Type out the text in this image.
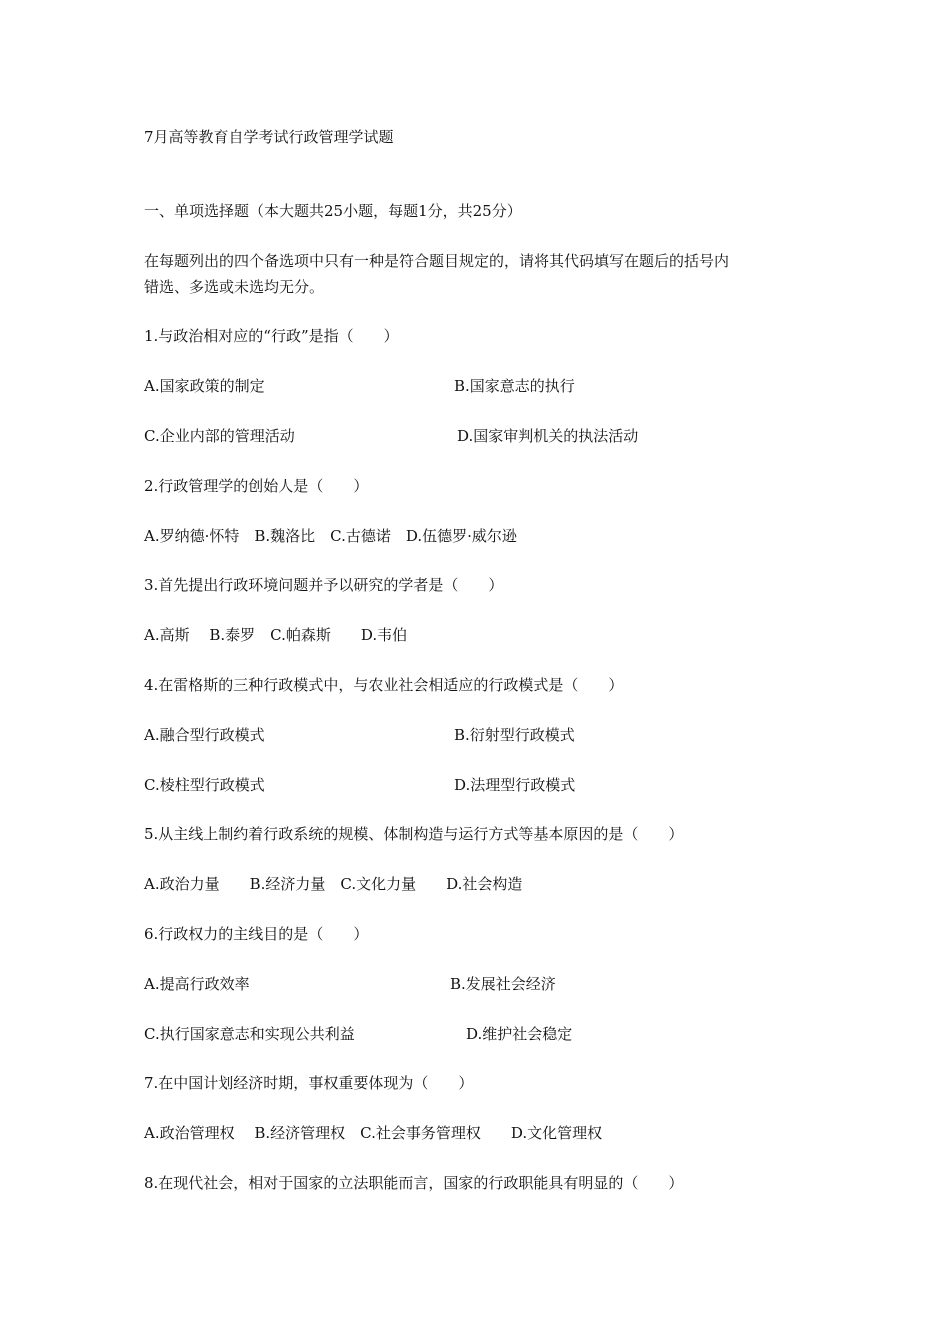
7月高等教育自学考试行政管理学试题
一、单项选择题（本大题共25小题，每题1分，共25分）
在每题列出的四个备选项中只有一种是符合题目规定的，请将其代码填写在题后的括号内
错选、多选或未选均无分。
1.与政治相对应的“行政”是指（　　）
A.国家政策的制定	B.国家意志的执行
C.企业内部的管理活动	D.国家审判机关的执法活动
2.行政管理学的创始人是（　　）
A.罗纳德·怀特　B.魏洛比　C.古德诺　D.伍德罗·威尔逊
3.首先提出行政环境问题并予以研究的学者是（　　）
A.高斯　 B.泰罗　C.帕森斯　　D.韦伯
4.在雷格斯的三种行政模式中，与农业社会相适应的行政模式是（　　）
A.融合型行政模式	B.衍射型行政模式
C.棱柱型行政模式	D.法理型行政模式
5.从主线上制约着行政系统的规模、体制构造与运行方式等基本原因的是（　　）
A.政治力量　　B.经济力量　C.文化力量　　D.社会构造
6.行政权力的主线目的是（　　）
A.提高行政效率	B.发展社会经济
C.执行国家意志和实现公共利益	D.维护社会稳定
7.在中国计划经济时期，事权重要体现为（　　）
A.政治管理权　 B.经济管理权　C.社会事务管理权　　D.文化管理权
8.在现代社会，相对于国家的立法职能而言，国家的行政职能具有明显的（　　）
